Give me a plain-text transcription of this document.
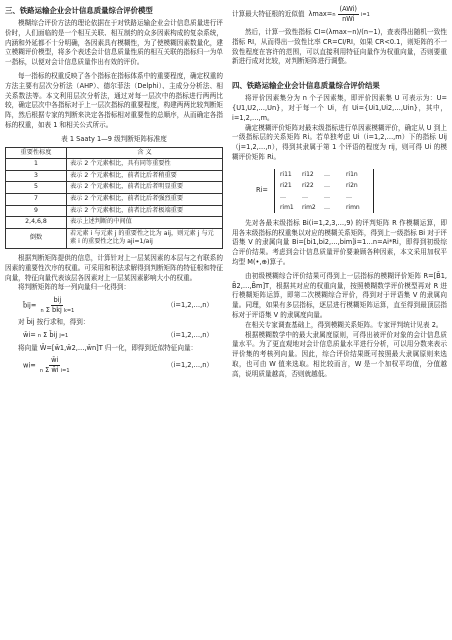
三、铁路运输企业会计信息质量综合评价模型

模糊综合评价方法的理论依据在于对铁路运输企业会计信息质量进行评价时，人们面临的是一个相互关联、相互制约的众多因素构成的复杂系统，内涵和外延都不十分明确，各因素具有模糊性，为了使模糊因素数量化，建立模糊评价模型，将多个表述会计信息质量性质的相互关联的指标归一为单一指标，以便对会计信息质量作出有效的评价。

每一指标的权重反映了各个指标在指标体系中的重要程度，确定权重的方法主要有层次分析法（AHP）、德尔菲法（Delphi）、主成分分析法、相关系数法等。本文利用层次分析法，通过对每一层次中的指标进行两两比较，确定层次中各指标对于上一层次指标的重要程度，构建两两比较判断矩阵，然后根据专家的判断来决定各指标相对重要性的总顺序，从而确定各指标的权重，如表 1 和相关公式所示。

表 1 Saaty 1—9 级判断矩阵标准度
重要性标度	含 义
1	表示 2 个元素相比，具有同等重要性
3	表示 2 个元素相比，前者比后者稍重要
5	表示 2 个元素相比，前者比后者明显重要
7	表示 2 个元素相比，前者比后者强烈重要
9	表示 2 个元素相比，前者比后者极端重要
2,4,6,8	表示上述判断的中间值
倒数	若元素 i 与元素 j 的重要性之比为 aij，则元素 j 与元素 i 的重要性之比为 aji=1/aij

根据判断矩阵提供的信息，计算针对上一层某因素的本层与之有联系的因素的重要性次序的权重。可采用和积法求解得到判断矩阵的特征根和特征向量，特征向量代表该层各因素对上一层某因素影响大小的权重。

将判断矩阵的每一列向量归一化得到：

b̄ij= $\frac{\text{bij}}{\text{n Σ bkj k=1}}$	（i=1,2,…,n）

对 b̄ij 按行求和，得到：

w̄i= n Σ b̄ij j=1	（i=1,2,…,n）

将向量 W̄=[w̄1,w̄2,…,w̄n]T 归一化，即得到近似特征向量：

$wi= \frac{w̄i}{\text{n Σ w̄i i=1}}$	（i=1,2,…,n）
计算最大特征根的近似值 λmax= n $\frac{\text{(AWi)}}{\text{nWi}} i=1$

然后，计算一致性指标 CI=(λmax−n)/(n−1)，查表得出随机一致性指标 RI，从而得出一致性比率 CR=CI/RI，如果 CR<0.1，则矩阵的不一致性程度在容许的范围，可以直接利用特征向量作为权重向量，否则要重新进行成对比较，对判断矩阵进行调整。

四、铁路运输企业会计信息质量综合评价结果

将评价因素集分为 n 个子因素集，即评价因素集 U 可表示为：U={U1,U2,…,Un}，对于每一个 Ui，有 Ui={Ui1,Ui2,…,Uin}，其中，i=1,2,…,m。

确定模糊评价矩阵对最末级指标进行单因素模糊评价，确定从 U 到上一级指标层的关系矩阵 Ri。若单独考虑 Ui（i=1,2,…,m）下的指标 Uij（j=1,2,…,n），得到其隶属于第 1 个评语的程度为 rij，则可得 Ui 的模糊评价矩阵 Ri。

Ri=
ri11	ri12	…	ri1n
ri21	ri22	…	ri2n
…	…	…	…
rim1	rim2	…	rimn

先对各最末级指标 Bi(i=1,2,3,…,9) 的评判矩阵 R 作模糊运算，即用各末级指标的权重集以对应的模糊关系矩阵，得到上一级指标 Bi 对于评语集 V 的隶属向量 Bi=[bi1,bi2,…,bim]i=1…n=Ai*Ri，即得到初级综合评价结果。考虑到会计信息质量评价要兼顾各种因素，本文采用加权平均型 M(•,⊕)算子。

由初级模糊综合评价结果可得到上一层指标的模糊评价矩阵 R=[B̄1, B̄2,…,B̄m]T，根据其对应的权重向量，按照模糊数学评价模型再对 R 进行模糊矩阵运算，即第二次模糊综合评价，得到对于评语集 V 的隶属向量。同理，如果有多层指标，逐层进行模糊矩阵运算，直至得到最顶层指标对于评语集 V 的隶属度向量。

在相关专家调查基础上，得到模糊关系矩阵。专家评判统计见表 2。

根据模糊数学中的最大隶属度原则，可得出被评价对象的会计信息质量水平。为了更直观地对会计信息质量水平进行分析，可以用分数来表示评价集的考核列向量。因此，综合评价结果既可按照最大隶属原则来选取，也可由 W 值来选取。相比较而言，W 是一个加权平均值，分值越高，说明质量越高，否则就越低。
